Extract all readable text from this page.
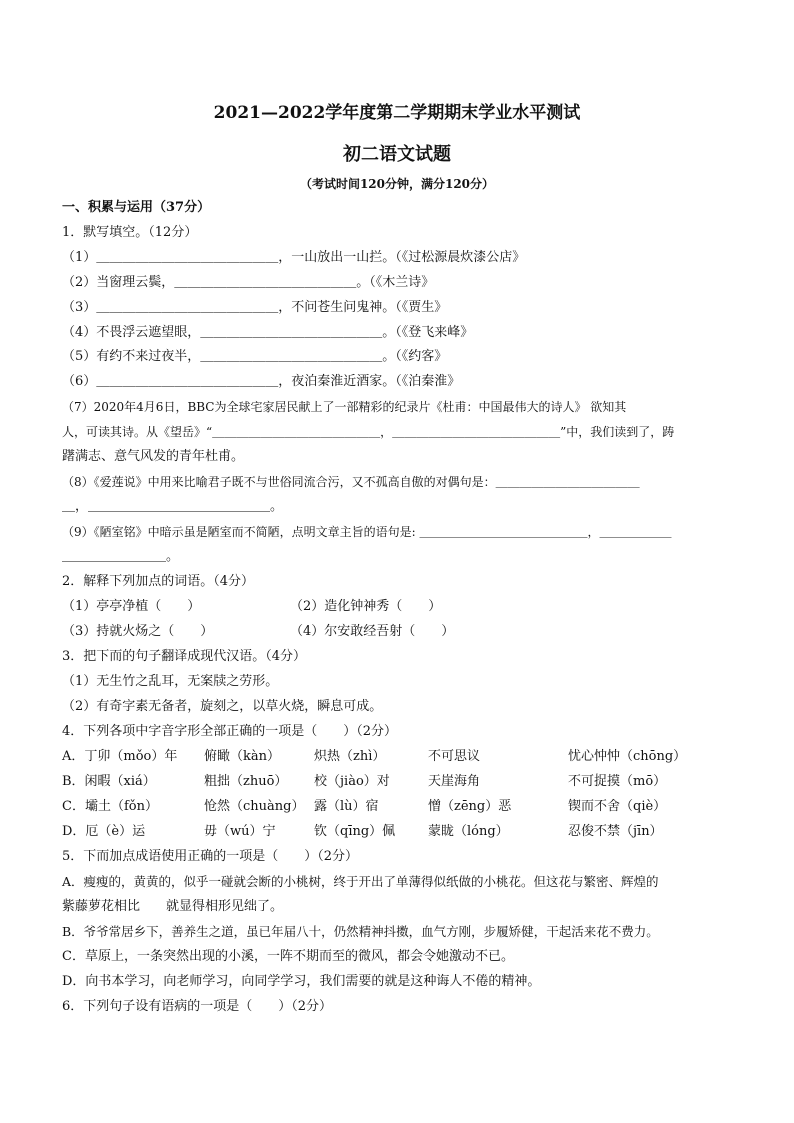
2021—2022学年度第二学期期末学业水平测试
初二语文试题
（考试时间120分钟，满分120分）
一、积累与运用（37分）
1．默写填空。（12分）
（1）＿＿＿＿＿＿＿＿＿＿＿＿＿＿，一山放出一山拦。（《过松源晨炊漆公店》
（2）当窗理云鬓，＿＿＿＿＿＿＿＿＿＿＿＿＿＿。（《木兰诗》
（3）＿＿＿＿＿＿＿＿＿＿＿＿＿＿，不问苍生问鬼神。（《贾生》
（4）不畏浮云遮望眼，＿＿＿＿＿＿＿＿＿＿＿＿＿＿。（《登飞来峰》
（5）有约不来过夜半，＿＿＿＿＿＿＿＿＿＿＿＿＿＿。（《约客》
（6）＿＿＿＿＿＿＿＿＿＿＿＿＿＿，夜泊秦淮近酒家。（《泊秦淮》
（7）2020年4月6日，BBC为全球宅家居民献上了一部精彩的纪录片《杜甫：中国最伟大的诗人》 欲知其
人，可读其诗。从《望岳》“＿＿＿＿＿＿＿＿＿＿＿＿＿＿，＿＿＿＿＿＿＿＿＿＿＿＿＿＿”中，我们读到了，踌
躇满志、意气风发的青年杜甫。
（8）《爱莲说》中用来比喻君子既不与世俗同流合污，又不孤高自傲的对偶句是：＿＿＿＿＿＿＿＿＿＿＿＿
＿，＿＿＿＿＿＿＿＿＿＿＿＿＿＿。
（9）《陋室铭》中暗示虽是陋室而不简陋，点明文章主旨的语句是: ＿＿＿＿＿＿＿＿＿＿＿＿＿＿，＿＿＿＿＿＿
＿＿＿＿＿＿＿＿。
2．解释下列加点的词语。（4分）
（1）亭亭净植（　　）	（2）造化钟神秀（　　）
（3）持就火炀之（　　）	（4）尔安敢经吾射（　　）
3．把下而的句子翻译成现代汉语。（4分）
（1）无生竹之乱耳，无案牍之劳形。
（2）有奇字素无备者，旋刻之，以草火烧，瞬息可成。
4．下列各项中字音字形全部正确的一项是（　　）（2分）
A．丁卯（mǒo）年 俯瞰（kàn）	炽热（zhì）	不可思议	忧心忡忡（chōng）
B．闲暇（xiá）	粗拙（zhuō） 校（jiào）对	天崖海角	不可捉摸（mō）
C．壩土（fǒn）	怆然（chuàng） 露（lù）宿	憎（zēng）恶	锲而不舍（qiè）
D．厄（è）运	毋（wú）宁	钦（qīng）佩	蒙眬（lóng）	忍俊不禁（jīn）
5．下而加点成语使用正确的一项是（　　）（2分）
A．瘦瘦的，黄黄的，似乎一碰就会断的小桃树，终于开出了单薄得似纸做的小桃花。但这花与繁密、辉煌的
紫藤萝花相比　　就显得相形见绌了。
B．爷爷常居乡下，善养生之道，虽已年届八十，仍然精神抖擞，血气方刚，步履矫健，干起活来花不费力。
C．草原上，一条突然出现的小溪，一阵不期而至的微风，都会令她激动不已。
D．向书本学习，向老师学习，向同学学习，我们需要的就是这种诲人不倦的精神。
6．下列句子设有语病的一项是（　　）（2分）
